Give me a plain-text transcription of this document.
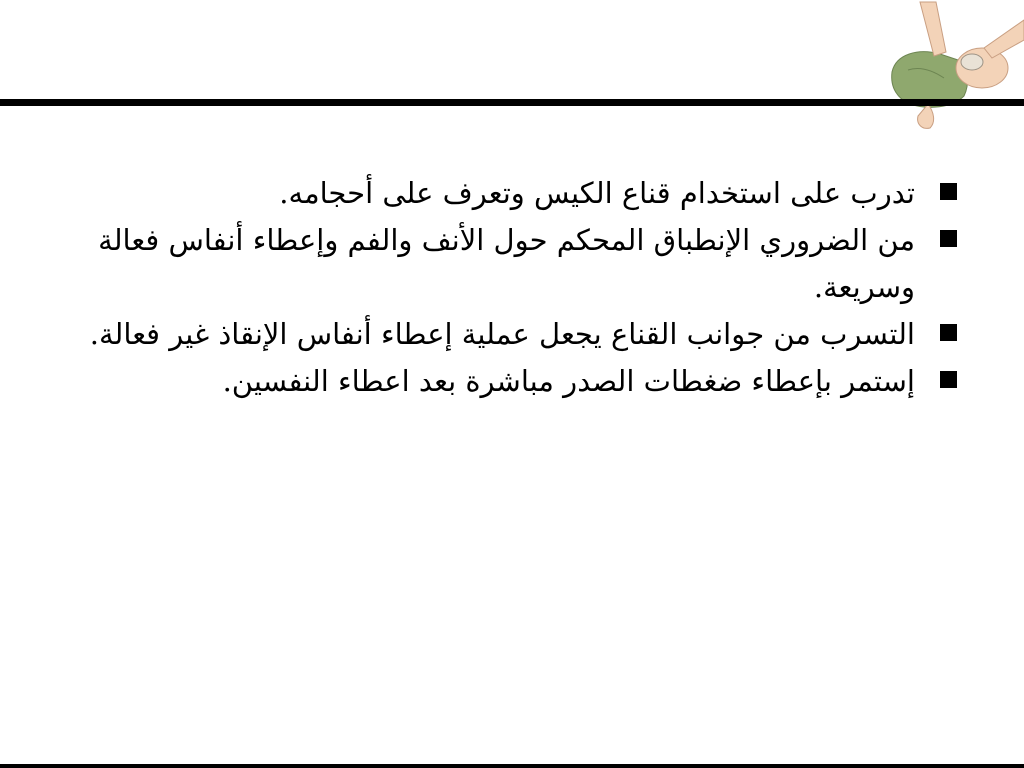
تدرب على استخدام قناع الكيس وتعرف على أحجامه.
من الضروري الإنطباق المحكم حول الأنف والفم وإعطاء أنفاس فعالة وسريعة.
التسرب من جوانب القناع يجعل عملية إعطاء أنفاس الإنقاذ غير فعالة.
إستمر بإعطاء ضغطات الصدر مباشرة بعد اعطاء النفسين.
